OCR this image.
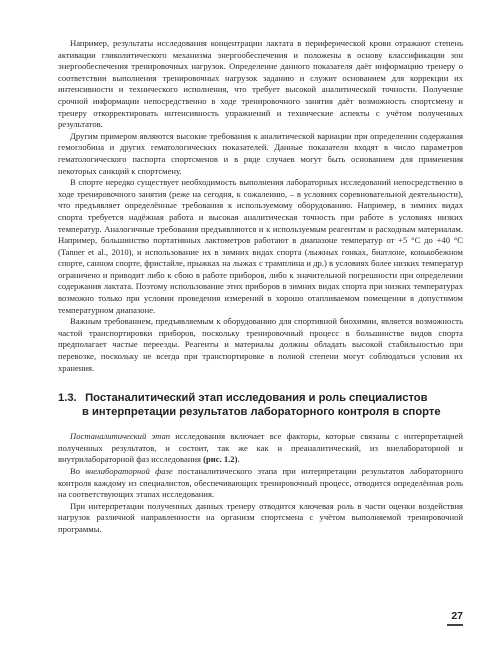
Например, результаты исследования концентрации лактата в периферической крови отражают степень активации гликолитического механизма энергообеспечения и положены в основу классификации зон энергообеспечения тренировочных нагрузок. Определение данного показателя даёт информацию тренеру о соответствии выполнения тренировочных нагрузок заданию и служит основанием для коррекции их интенсивности и технического исполнения, что требует высокой аналитической точности. Получение срочной информации непосредственно в ходе тренировочного занятия даёт возможность спортсмену и тренеру откорректировать интенсивность упражнений и технические аспекты с учётом полученных результатов.

Другим примером являются высокие требования к аналитической вариации при определении содержания гемоглобина и других гематологических показателей. Данные показатели входят в число параметров гематологического паспорта спортсменов и в ряде случаев могут быть основанием для применения некоторых санкций к спортсмену.

В спорте нередко существует необходимость выполнения лабораторных исследований непосредственно в ходе тренировочного занятия (реже на сегодня, к сожалению, – в условиях соревновательной деятельности), что предъявляет определённые требования к используемому оборудованию. Например, в зимних видах спорта требуется надёжная работа и высокая аналитическая точность при работе в условиях низких температур. Аналогичные требования предъявляются и к используемым реагентам и расходным материалам. Например, большинство портативных лактометров работают в диапазоне температур от +5 °С до +40 °С (Tanner et al., 2010), и использование их в зимних видах спорта (лыжных гонках, биатлоне, конькобежном спорте, санном спорте, фристайле, прыжках на лыжах с трамплина и др.) в условиях более низких температур ограничено и приводит либо к сбою в работе приборов, либо к значительной погрешности при определении содержания лактата. Поэтому использование этих приборов в зимних видах спорта при низких температурах возможно только при условии проведения измерений в хорошо отапливаемом помещении в допустимом температурном диапазоне.

Важным требованием, предъявляемым к оборудованию для спортивной биохимии, является возможность частой транспортировки приборов, поскольку тренировочный процесс в большинстве видов спорта предполагает частые переезды. Реагенты и материалы должны обладать высокой стабильностью при перевозке, поскольку не всегда при транспортировке в полной степени могут соблюдаться условия их хранения.

1.3. Постаналитический этап исследования и роль специалистов
в интерпретации результатов лабораторного контроля в спорте

Постаналитический этап исследования включает все факторы, которые связаны с интерпретацией полученных результатов, и состоит, так же как и преаналитический, из внелабораторной и внутрилабораторной фаз исследования (рис. 1.2).

Во внелабораторной фазе постаналитического этапа при интерпретации результатов лабораторного контроля каждому из специалистов, обеспечивающих тренировочный процесс, отводится определённая роль на соответствующих этапах исследования.

При интерпретации полученных данных тренеру отводится ключевая роль в части оценки воздействия нагрузок различной направленности на организм спортсмена с учётом выполняемой тренировочной программы.

27
